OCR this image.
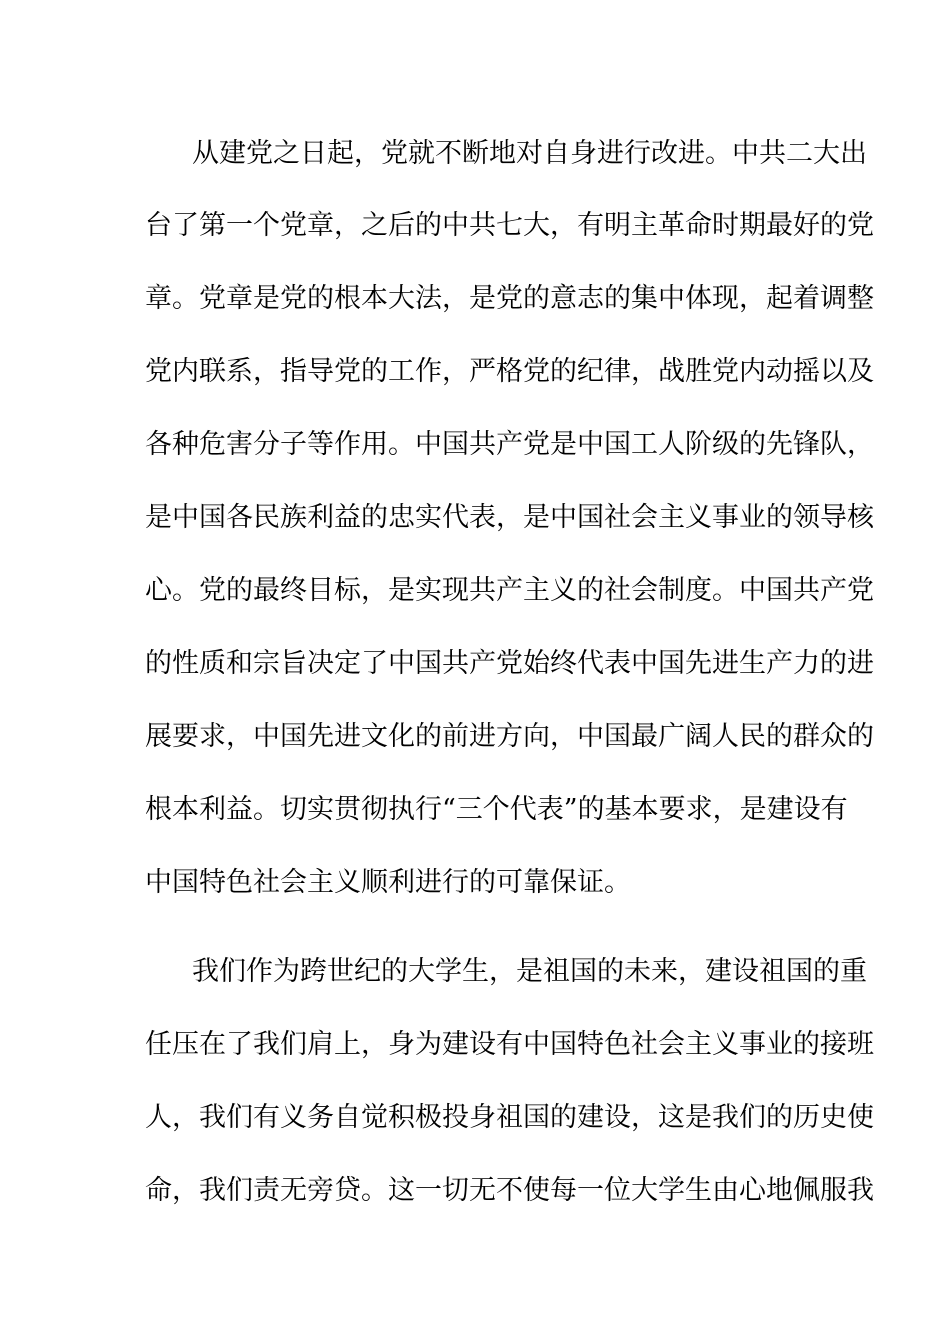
从建党之日起，党就不断地对自身进行改进。中共二大出
台了第一个党章，之后的中共七大，有明主革命时期最好的党
章。党章是党的根本大法，是党的意志的集中体现，起着调整
党内联系，指导党的工作，严格党的纪律，战胜党内动摇以及
各种危害分子等作用。中国共产党是中国工人阶级的先锋队，
是中国各民族利益的忠实代表，是中国社会主义事业的领导核
心。党的最终目标，是实现共产主义的社会制度。中国共产党
的性质和宗旨决定了中国共产党始终代表中国先进生产力的进
展要求，中国先进文化的前进方向，中国最广阔人民的群众的
根本利益。切实贯彻执行“三个代表”的基本要求，是建设有
中国特色社会主义顺利进行的可靠保证。
我们作为跨世纪的大学生，是祖国的未来，建设祖国的重
任压在了我们肩上，身为建设有中国特色社会主义事业的接班
人，我们有义务自觉积极投身祖国的建设，这是我们的历史使
命，我们责无旁贷。这一切无不使每一位大学生由心地佩服我
